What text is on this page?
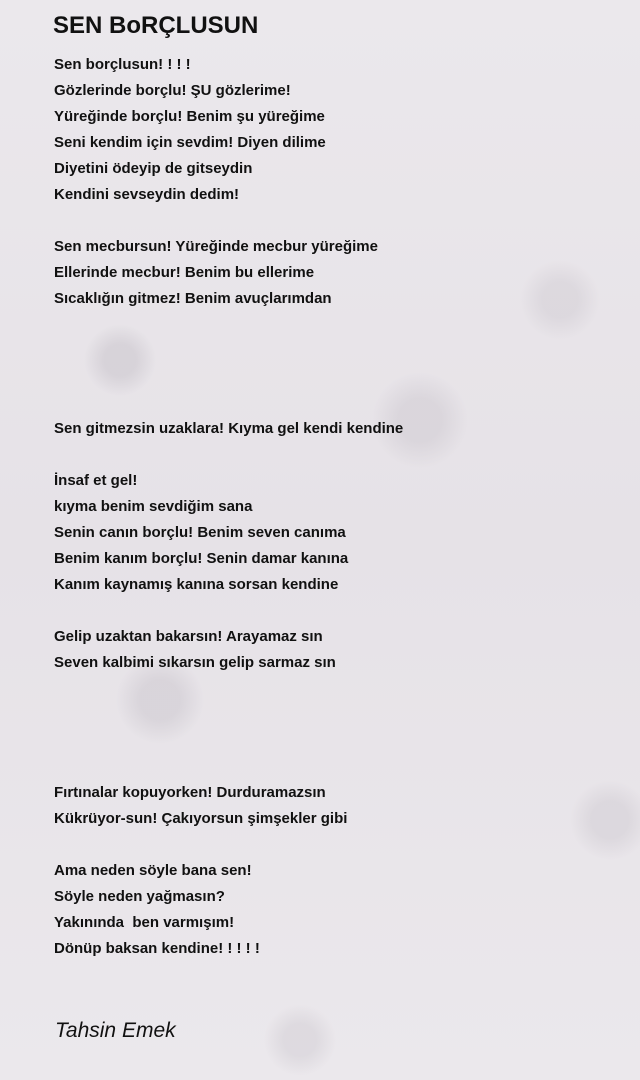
SEN BoRÇLUSUN
Sen borçlusun! ! ! !
Gözlerinde borçlu! ŞU gözlerime!
Yüreğinde borçlu! Benim şu yüreğime
Seni kendim için sevdim! Diyen dilime
Diyetini ödeyip de gitseydin
Kendini sevseydin dedim!
Sen mecbursun! Yüreğinde mecbur yüreğime
Ellerinde mecbur! Benim bu ellerime
Sıcaklığın gitmez! Benim avuçlarımdan
Sen gitmezsin uzaklara! Kıyma gel kendi kendine
İnsaf et gel!
kıyma benim sevdiğim sana
Senin canın borçlu! Benim seven canıma
Benim kanım borçlu! Senin damar kanına
Kanım kaynamış kanına sorsan kendine
Gelip uzaktan bakarsın! Arayamaz sın
Seven kalbimi sıkarsın gelip sarmaz sın
Fırtınalar kopuyorken! Durduramazsın
Kükrüyor-sun! Çakıyorsun şimşekler gibi
Ama neden söyle bana sen!
Söyle neden yağmasın?
Yakınında  ben varmışım!
Dönüp baksan kendine! ! ! ! !
Tahsin Emek
